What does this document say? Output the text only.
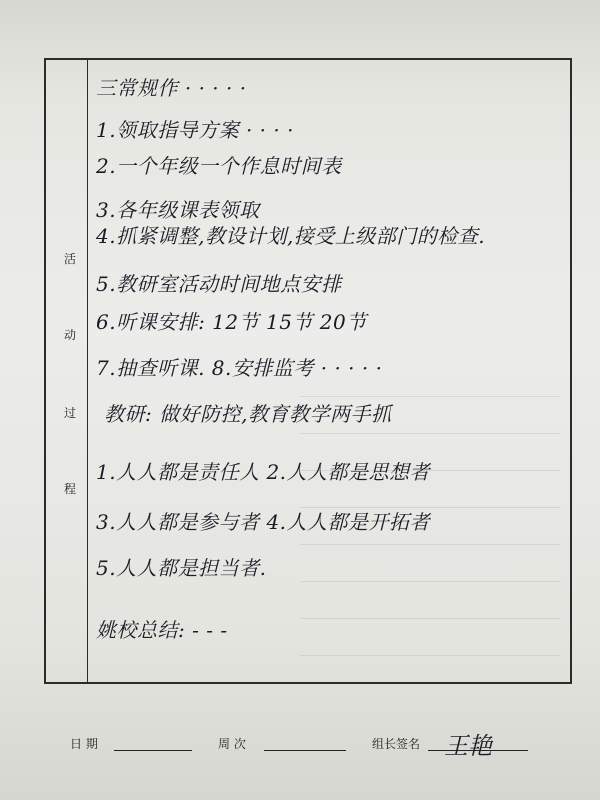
活
动
过
程
三常规作 · · · · ·
1.领取指导方案 · · · ·
2.一个年级一个作息时间表
3.各年级课表领取
4.抓紧调整,教设计划,接受上级部门的检查.
5.教研室活动时间地点安排
6.听课安排: 12节 15节 20节
7.抽查听课. 8.安排监考 · · · · ·
教研: 做好防控,教育教学两手抓
1.人人都是责任人 2.人人都是思想者
3.人人都是参与者 4.人人都是开拓者
5.人人都是担当者.
姚校总结: - - -
日 期	周 次	组长签名 王艳
